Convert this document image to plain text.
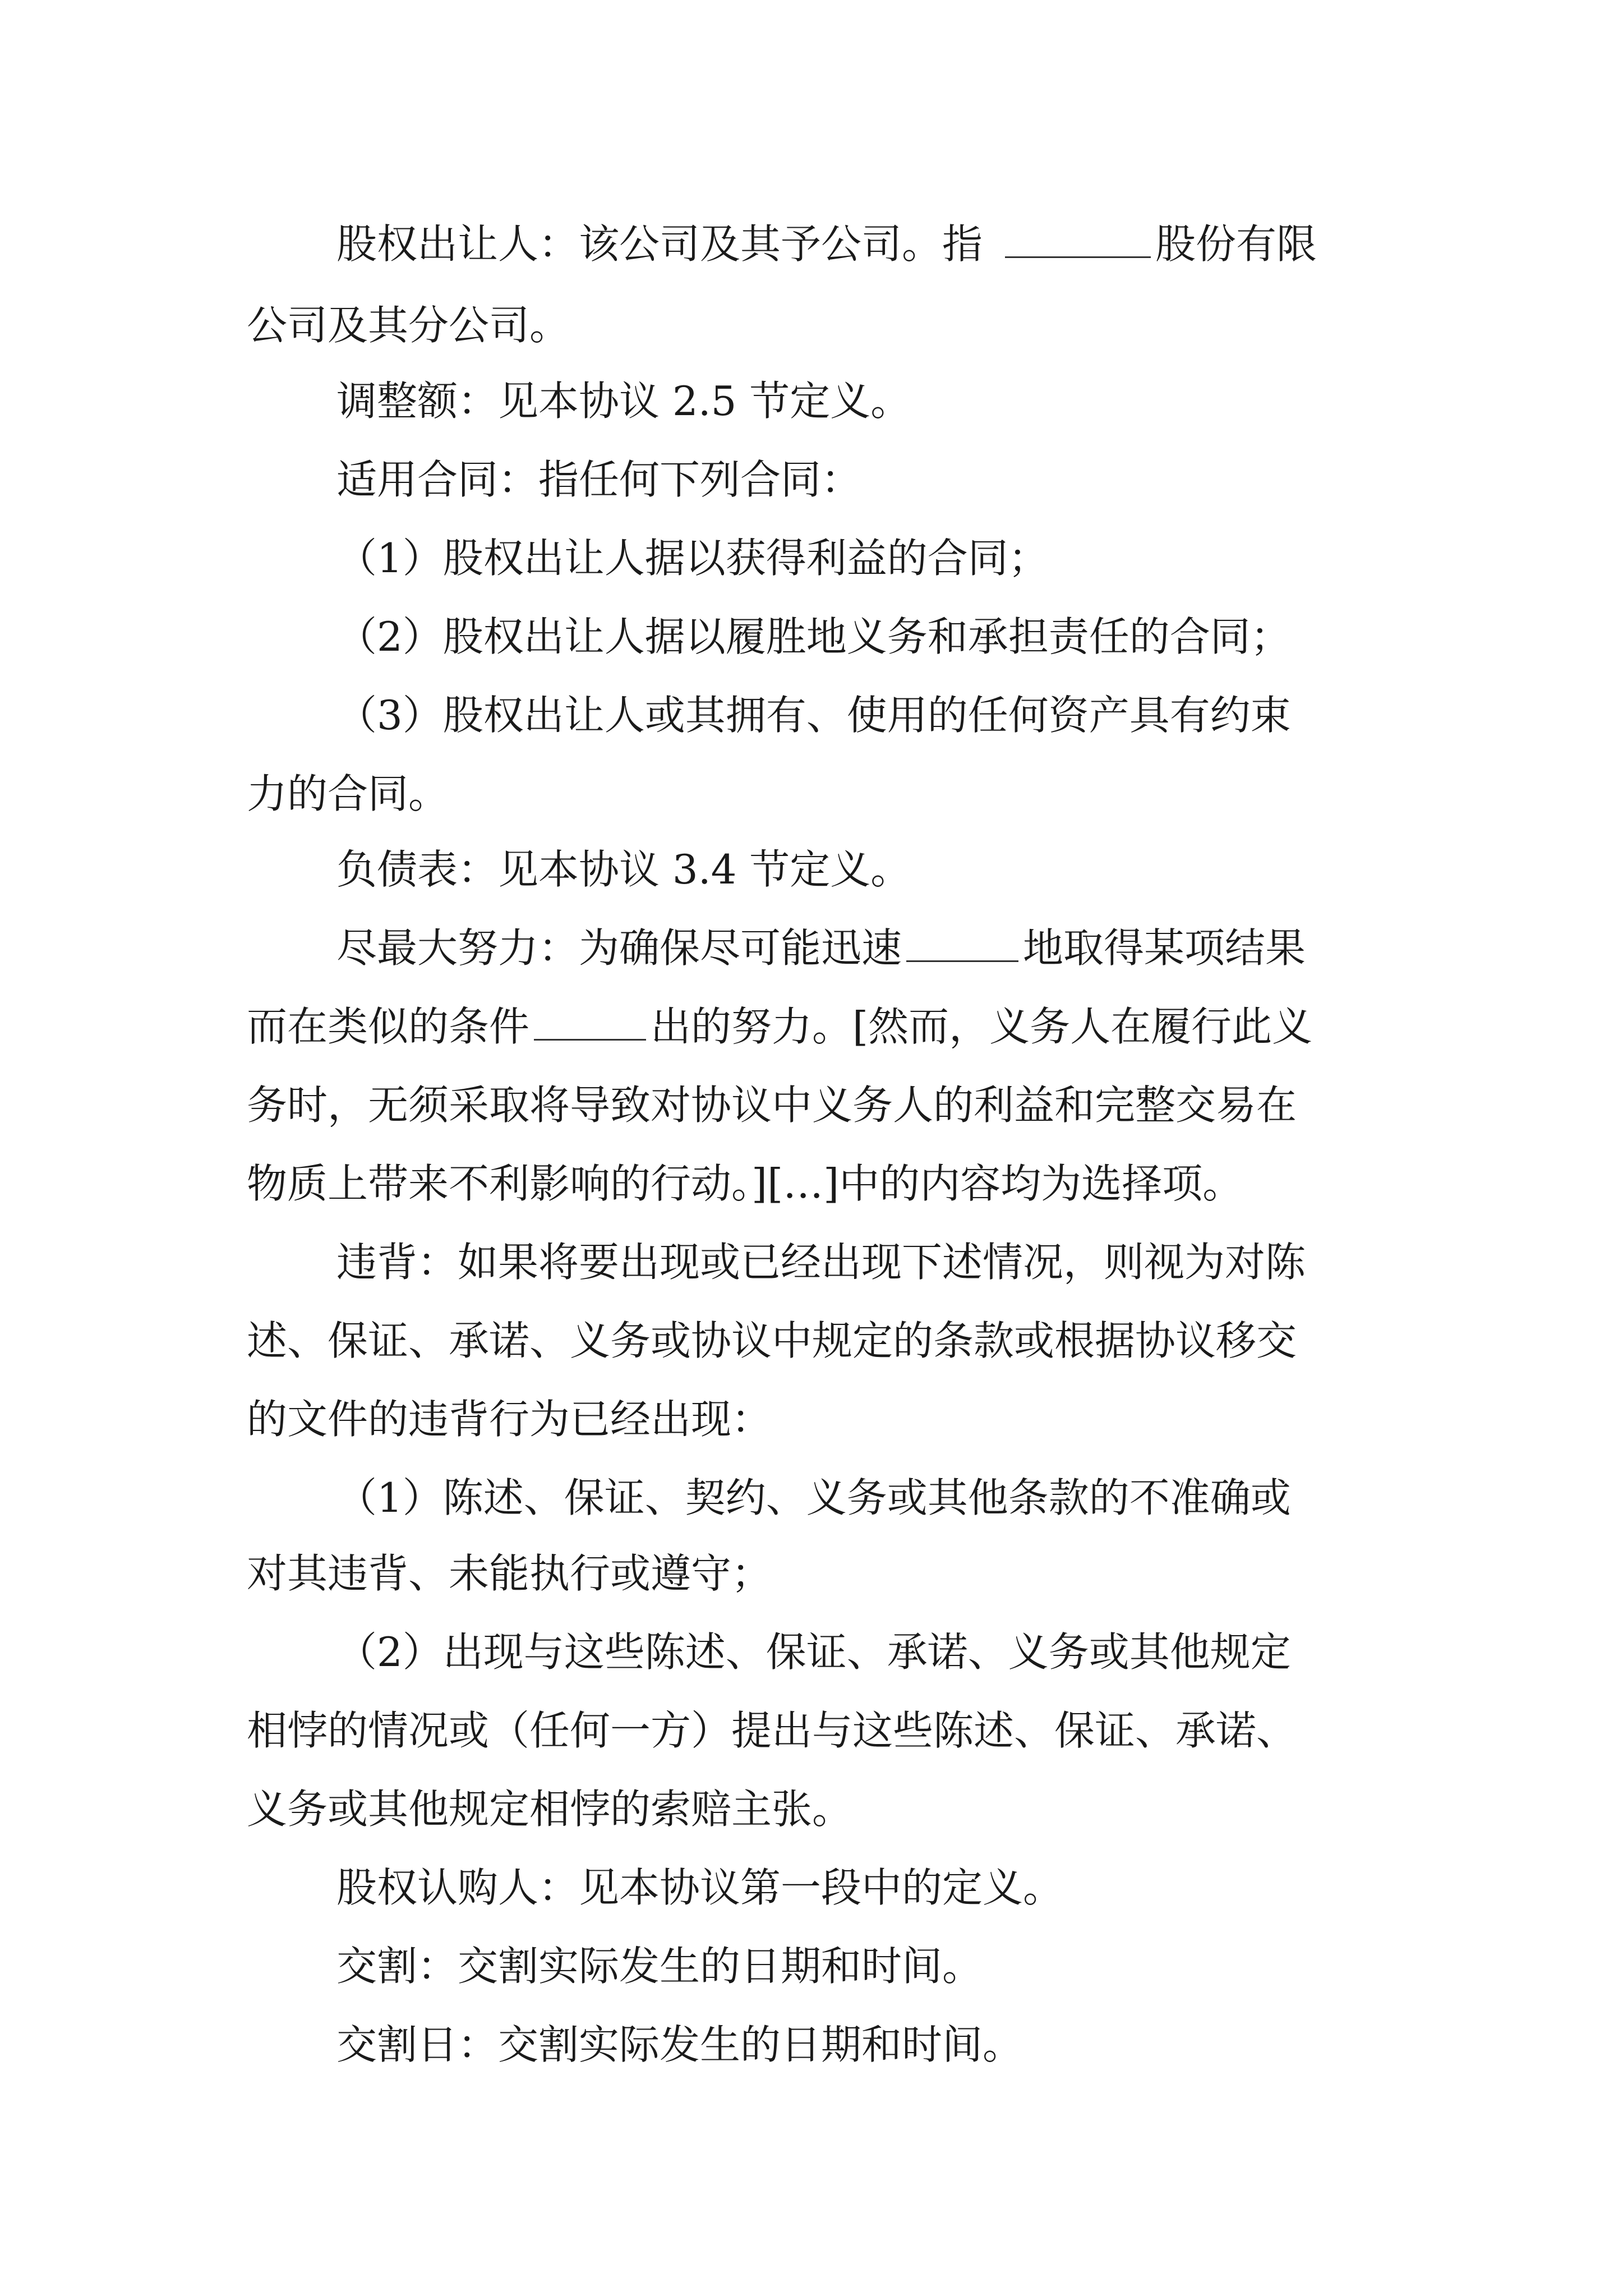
股权出让人：该公司及其予公司。指	股份有限
公司及其分公司。
调整额：见本协议 2.5 节定义。
适用合同：指任何下列合同：
（1）股权出让人据以获得利益的合同；
（2）股权出让人据以履胜地义务和承担责任的合同；
（3）股权出让人或其拥有、使用的任何资产具有约束
力的合同。
负债表：见本协议 3.4 节定义。
尽最大努力：为确保尽可能迅速	地取得某项结果
而在类似的条件	出的努力。[然而，义务人在履行此义
务时，无须采取将导致对协议中义务人的利益和完整交易在
物质上带来不利影响的行动。][…]中的内容均为选择项。
违背：如果将要出现或已经出现下述情况，则视为对陈
述、保证、承诺、义务或协议中规定的条款或根据协议移交
的文件的违背行为已经出现：
（1）陈述、保证、契约、义务或其他条款的不准确或
对其违背、未能执行或遵守；
（2）出现与这些陈述、保证、承诺、义务或其他规定
相悖的情况或（任何一方）提出与这些陈述、保证、承诺、
义务或其他规定相悖的索赔主张。
股权认购人：见本协议第一段中的定义。
交割：交割实际发生的日期和时间。
交割日：交割实际发生的日期和时间。
